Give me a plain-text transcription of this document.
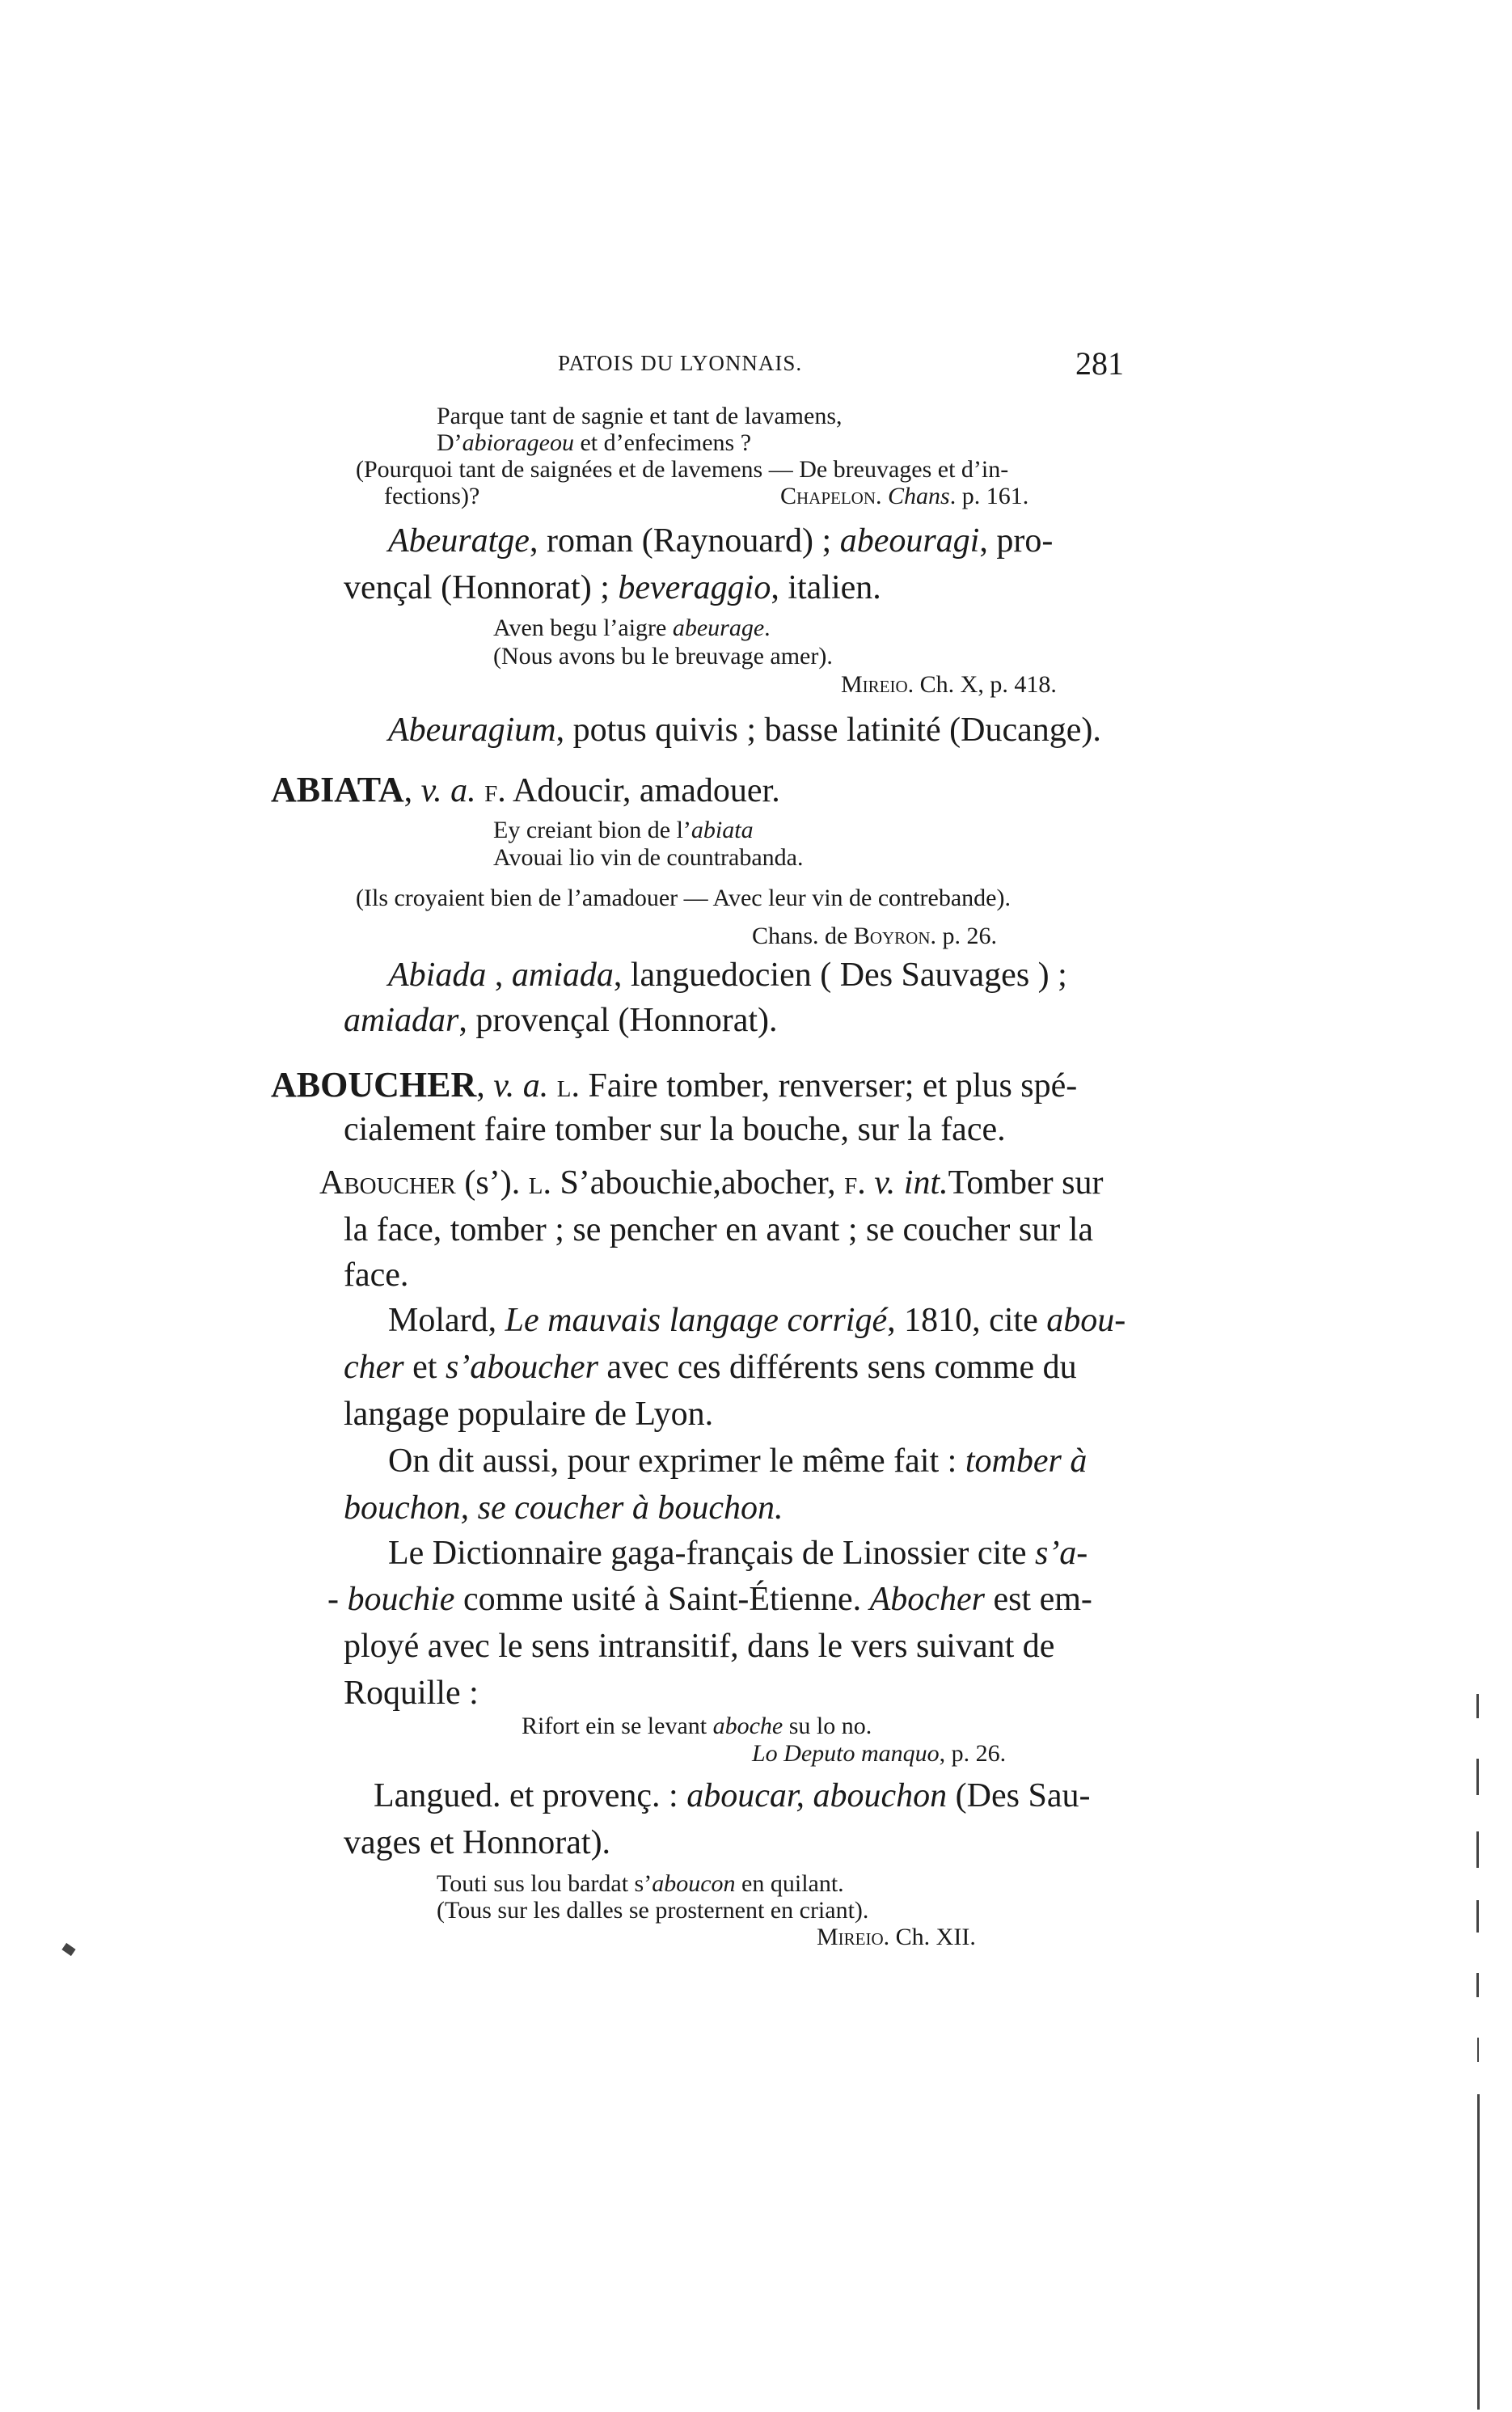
PATOIS DU LYONNAIS.	281
Parque tant de sagnie et tant de lavamens,
D’abiorageou et d’enfecimens ?
(Pourquoi tant de saignées et de lavemens — De breuvages et d’in-
fections)?	Chapelon. Chans. p. 161.
Abeuratge, roman (Raynouard) ; abeouragi, pro-
vençal (Honnorat) ; beveraggio, italien.
Aven begu l’aigre abeurage.
(Nous avons bu le breuvage amer).
Mireio. Ch. X, p. 418.
Abeuragium, potus quivis ; basse latinité (Ducange).
ABIATA, v. a. f. Adoucir, amadouer.
Ey creiant bion de l’abiata
Avouai lio vin de countrabanda.
(Ils croyaient bien de l’amadouer — Avec leur vin de contrebande).
Chans. de Boyron. p. 26.
Abiada , amiada, languedocien ( Des Sauvages ) ;
amiadar, provençal (Honnorat).
ABOUCHER, v. a. l. Faire tomber, renverser; et plus spé-
cialement faire tomber sur la bouche, sur la face.
Aboucher (s’). l. S’abouchie,abocher, f. v. int.Tomber sur
la face, tomber ; se pencher en avant ; se coucher sur la
face.
Molard, Le mauvais langage corrigé, 1810, cite abou-
cher et s’aboucher avec ces différents sens comme du
langage populaire de Lyon.
On dit aussi, pour exprimer le même fait : tomber à
bouchon, se coucher à bouchon.
Le Dictionnaire gaga-français de Linossier cite s’a-
- bouchie comme usité à Saint-Étienne. Abocher est em-
ployé avec le sens intransitif, dans le vers suivant de
Roquille :
Rifort ein se levant aboche su lo no.
Lo Deputo manquo, p. 26.
Langued. et provenç. : aboucar, abouchon (Des Sau-
vages et Honnorat).
Touti sus lou bardat s’aboucon en quilant.
(Tous sur les dalles se prosternent en criant).
Mireio. Ch. XII.
